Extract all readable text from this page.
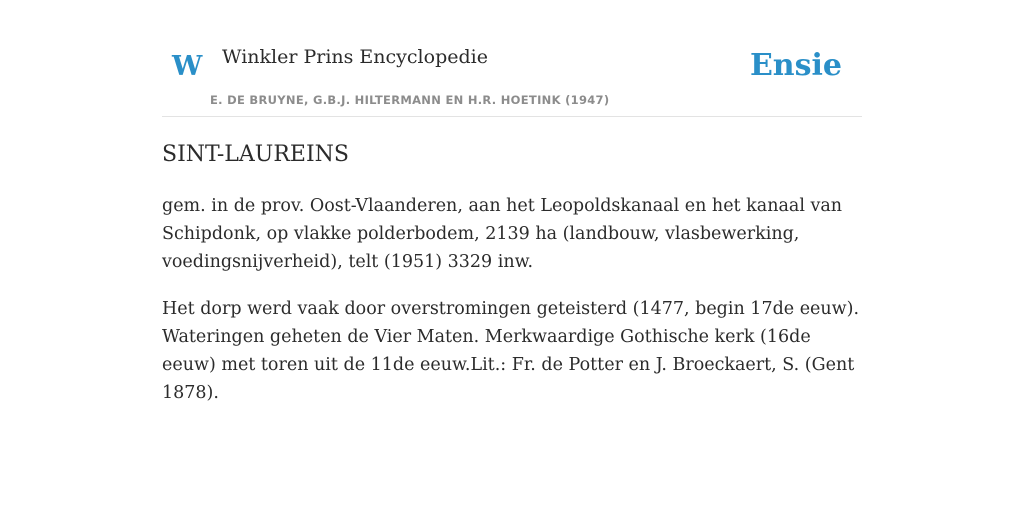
W Winkler Prins Encyclopedie
E. DE BRUYNE, G.B.J. HILTERMANN EN H.R. HOETINK (1947)
Ensie
SINT-LAUREINS

gem. in de prov. Oost-Vlaanderen, aan het Leopoldskanaal en het kanaal van Schipdonk, op vlakke polderbodem, 2139 ha (landbouw, vlasbewerking, voedingsnijverheid), telt (1951) 3329 inw.

Het dorp werd vaak door overstromingen geteisterd (1477, begin 17de eeuw). Wateringen geheten de Vier Maten. Merkwaardige Gothische kerk (16de eeuw) met toren uit de 11de eeuw.Lit.: Fr. de Potter en J. Broeckaert, S. (Gent 1878).
